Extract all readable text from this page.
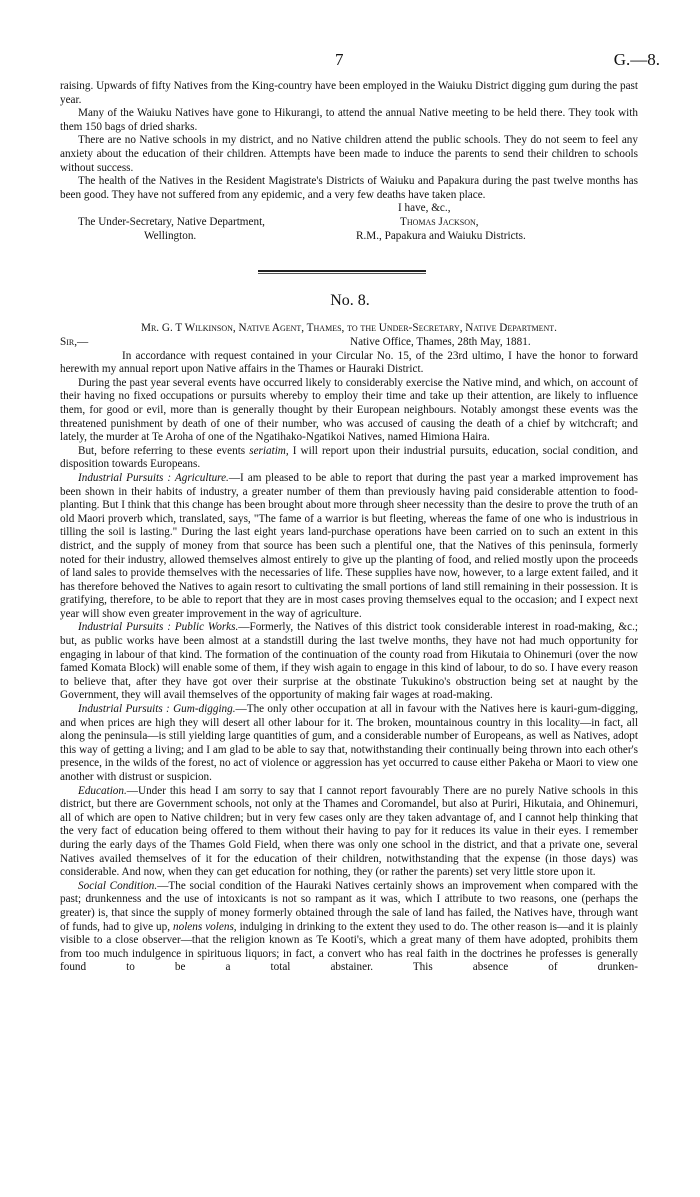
7	G.—8.

raising. Upwards of fifty Natives from the King-country have been employed in the Waiuku District digging gum during the past year.

Many of the Waiuku Natives have gone to Hikurangi, to attend the annual Native meeting to be held there. They took with them 150 bags of dried sharks.

There are no Native schools in my district, and no Native children attend the public schools. They do not seem to feel any anxiety about the education of their children. Attempts have been made to induce the parents to send their children to schools without success.

The health of the Natives in the Resident Magistrate's Districts of Waiuku and Papakura during the past twelve months has been good. They have not suffered from any epidemic, and a very few deaths have taken place.

I have, &c.,
The Under-Secretary, Native Department,	Thomas Jackson,
Wellington.	R.M., Papakura and Waiuku Districts.
No. 8.

Mr. G. T Wilkinson, Native Agent, Thames, to the Under-Secretary, Native Department.

Sir,—	Native Office, Thames, 28th May, 1881.

In accordance with request contained in your Circular No. 15, of the 23rd ultimo, I have the honor to forward herewith my annual report upon Native affairs in the Thames or Hauraki District.

During the past year several events have occurred likely to considerably exercise the Native mind, and which, on account of their having no fixed occupations or pursuits whereby to employ their time and take up their attention, are likely to influence them, for good or evil, more than is generally thought by their European neighbours. Notably amongst these events was the threatened punishment by death of one of their number, who was accused of causing the death of a chief by witchcraft; and lately, the murder at Te Aroha of one of the Ngatihako-Ngatikoi Natives, named Himiona Haira.

But, before referring to these events seriatim, I will report upon their industrial pursuits, education, social condition, and disposition towards Europeans.

Industrial Pursuits : Agriculture.—I am pleased to be able to report that during the past year a marked improvement has been shown in their habits of industry, a greater number of them than previously having paid considerable attention to food-planting. But I think that this change has been brought about more through sheer necessity than the desire to prove the truth of an old Maori proverb which, translated, says, "The fame of a warrior is but fleeting, whereas the fame of one who is industrious in tilling the soil is lasting." During the last eight years land-purchase operations have been carried on to such an extent in this district, and the supply of money from that source has been such a plentiful one, that the Natives of this peninsula, formerly noted for their industry, allowed themselves almost entirely to give up the planting of food, and relied mostly upon the proceeds of land sales to provide themselves with the necessaries of life. These supplies have now, however, to a large extent failed, and it has therefore behoved the Natives to again resort to cultivating the small portions of land still remaining in their possession. It is gratifying, therefore, to be able to report that they are in most cases proving themselves equal to the occasion; and I expect next year will show even greater improvement in the way of agriculture.

Industrial Pursuits : Public Works.—Formerly, the Natives of this district took considerable interest in road-making, &c.; but, as public works have been almost at a standstill during the last twelve months, they have not had much opportunity for engaging in labour of that kind. The formation of the continuation of the county road from Hikutaia to Ohinemuri (over the now famed Komata Block) will enable some of them, if they wish again to engage in this kind of labour, to do so. I have every reason to believe that, after they have got over their surprise at the obstinate Tukukino's obstruction being set at naught by the Government, they will avail themselves of the opportunity of making fair wages at road-making.

Industrial Pursuits : Gum-digging.—The only other occupation at all in favour with the Natives here is kauri-gum-digging, and when prices are high they will desert all other labour for it. The broken, mountainous country in this locality—in fact, all along the peninsula—is still yielding large quantities of gum, and a considerable number of Europeans, as well as Natives, adopt this way of getting a living; and I am glad to be able to say that, notwithstanding their continually being thrown into each other's presence, in the wilds of the forest, no act of violence or aggression has yet occurred to cause either Pakeha or Maori to view one another with distrust or suspicion.

Education.—Under this head I am sorry to say that I cannot report favourably There are no purely Native schools in this district, but there are Government schools, not only at the Thames and Coromandel, but also at Puriri, Hikutaia, and Ohinemuri, all of which are open to Native children; but in very few cases only are they taken advantage of, and I cannot help thinking that the very fact of education being offered to them without their having to pay for it reduces its value in their eyes. I remember during the early days of the Thames Gold Field, when there was only one school in the district, and that a private one, several Natives availed themselves of it for the education of their children, notwithstanding that the expense (in those days) was considerable. And now, when they can get education for nothing, they (or rather the parents) set very little store upon it.

Social Condition.—The social condition of the Hauraki Natives certainly shows an improvement when compared with the past; drunkenness and the use of intoxicants is not so rampant as it was, which I attribute to two reasons, one (perhaps the greater) is, that since the supply of money formerly obtained through the sale of land has failed, the Natives have, through want of funds, had to give up, nolens volens, indulging in drinking to the extent they used to do. The other reason is—and it is plainly visible to a close observer—that the religion known as Te Kooti's, which a great many of them have adopted, prohibits them from too much indulgence in spirituous liquors; in fact, a convert who has real faith in the doctrines he professes is generally found to be a total abstainer. This absence of drunken-
